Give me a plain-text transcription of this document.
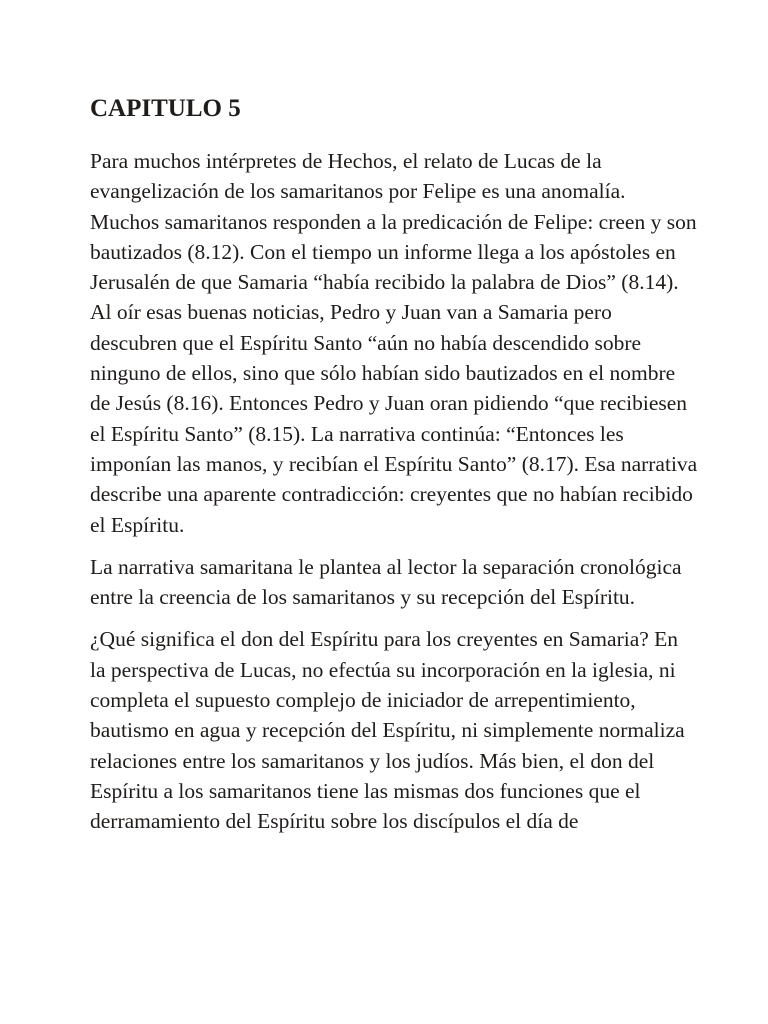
CAPITULO 5

Para muchos intérpretes de Hechos, el relato de Lucas de la evangelización de los samaritanos por Felipe es una anomalía. Muchos samaritanos responden a la predicación de Felipe: creen y son bautizados (8.12). Con el tiempo un informe llega a los apóstoles en Jerusalén de que Samaria “había recibido la palabra de Dios” (8.14). Al oír esas buenas noticias, Pedro y Juan van a Samaria pero descubren que el Espíritu Santo “aún no había descendido sobre ninguno de ellos, sino que sólo habían sido bautizados en el nombre de Jesús (8.16). Entonces Pedro y Juan oran pidiendo “que recibiesen el Espíritu Santo” (8.15). La narrativa continúa: “Entonces les imponían las manos, y recibían el Espíritu Santo” (8.17). Esa narrativa describe una aparente contradicción: creyentes que no habían recibido el Espíritu.

La narrativa samaritana le plantea al lector la separación cronológica entre la creencia de los samaritanos y su recepción del Espíritu.

¿Qué significa el don del Espíritu para los creyentes en Samaria? En la perspectiva de Lucas, no efectúa su incorporación en la iglesia, ni completa el supuesto complejo de iniciador de arrepentimiento, bautismo en agua y recepción del Espíritu, ni simplemente normaliza relaciones entre los samaritanos y los judíos. Más bien, el don del Espíritu a los samaritanos tiene las mismas dos funciones que el derramamiento del Espíritu sobre los discípulos el día de
